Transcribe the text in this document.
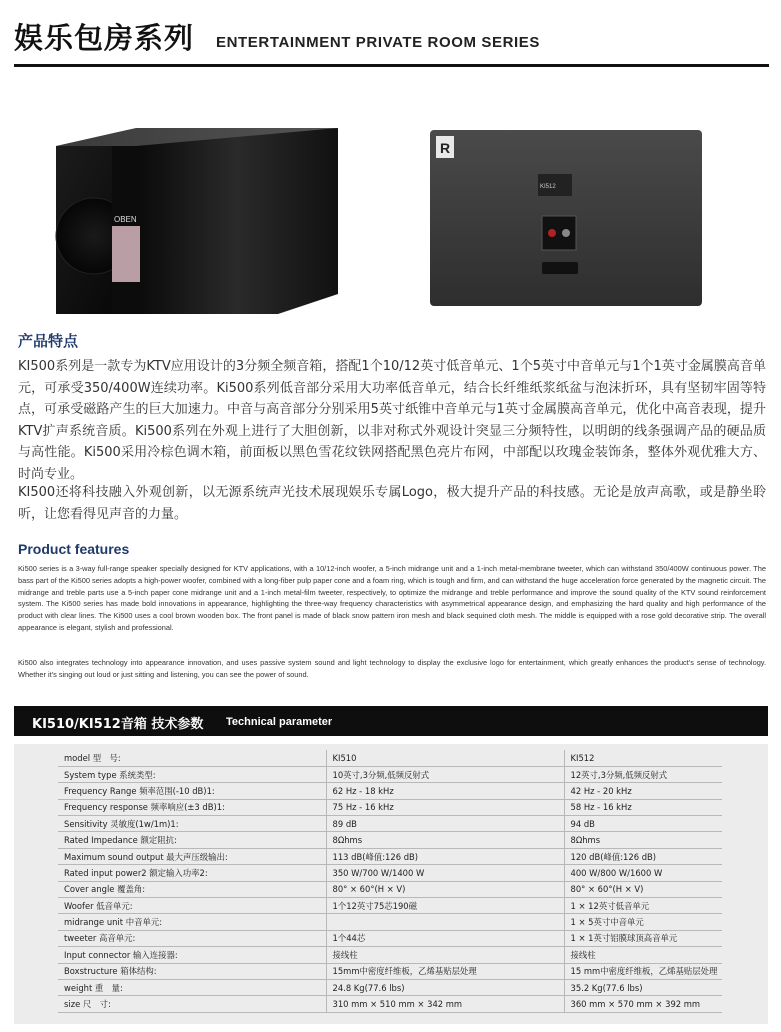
娱乐包房系列 ENTERTAINMENT PRIVATE ROOM SERIES
OBEN
R
KI512
产品特点
KI500系列是一款专为KTV应用设计的3分频全频音箱，搭配1个10/12英寸低音单元、1个5英寸中音单元与1个1英寸金属膜高音单元，可承受350/400W连续功率。Ki500系列低音部分采用大功率低音单元，结合长纤维纸浆纸盆与泡沫折环，具有坚韧牢固等特点，可承受磁路产生的巨大加速力。中音与高音部分分别采用5英寸纸锥中音单元与1英寸金属膜高音单元，优化中高音表现，提升KTV扩声系统音质。Ki500系列在外观上进行了大胆创新，以非对称式外观设计突显三分频特性，以明朗的线条强调产品的硬品质与高性能。Ki500采用冷棕色调木箱，前面板以黑色雪花纹铁网搭配黑色亮片布网，中部配以玫瑰金装饰条，整体外观优雅大方、时尚专业。
KI500还将科技融入外观创新，以无源系统声光技术展现娱乐专属Logo，极大提升产品的科技感。无论是放声高歌，或是静坐聆听，让您看得见声音的力量。
Product features
Ki500 series is a 3-way full-range speaker specially designed for KTV applications, with a 10/12-inch woofer, a 5-inch midrange unit and a 1-inch metal-membrane tweeter, which can withstand 350/400W continuous power. The bass part of the Ki500 series adopts a high-power woofer, combined with a long-fiber pulp paper cone and a foam ring, which is tough and firm, and can withstand the huge acceleration force generated by the magnetic circuit. The midrange and treble parts use a 5-inch paper cone midrange unit and a 1-inch metal-film tweeter, respectively, to optimize the midrange and treble performance and improve the sound quality of the KTV sound reinforcement system. The Ki500 series has made bold innovations in appearance, highlighting the three-way frequency characteristics with asymmetrical appearance design, and emphasizing the hard quality and high performance of the product with clear lines. The Ki500 uses a cool brown wooden box. The front panel is made of black snow pattern iron mesh and black sequined cloth mesh. The middle is equipped with a rose gold decorative strip. The overall appearance is elegant, stylish and professional.
Ki500 also integrates technology into appearance innovation, and uses passive system sound and light technology to display the exclusive logo for entertainment, which greatly enhances the product's sense of technology. Whether it's singing out loud or just sitting and listening, you can see the power of sound.
KI510/KI512音箱 技术参数 Technical parameter
model 型　号:	KI510	KI512
System type 系统类型:	10英寸,3分频,低频反射式	12英寸,3分频,低频反射式
Frequency Range 频率范围(-10 dB)1:	62 Hz - 18 kHz	42 Hz - 20 kHz
Frequency response 频率响应(±3 dB)1:	75 Hz - 16 kHz	58 Hz - 16 kHz
Sensitivity 灵敏度(1w/1m)1:	89 dB	94 dB
Rated Impedance 额定阻抗:	8Ωhms	8Ωhms
Maximum sound output 最大声压级输出:	113 dB(峰值:126 dB)	120 dB(峰值:126 dB)
Rated input power2 额定输入功率2:	350 W/700 W/1400 W	400 W/800 W/1600 W
Cover angle 覆盖角:	80° × 60°(H × V)	80° × 60°(H × V)
Woofer 低音单元:	1个12英寸75芯190磁	1 × 12英寸低音单元
midrange unit 中音单元:		1 × 5英寸中音单元
tweeter 高音单元:	1个44芯	1 × 1英寸铝膜球顶高音单元
Input connector 输入连接器:	接线柱	接线柱
Boxstructure 箱体结构:	15mm中密度纤维板，乙烯基贴层处理	15 mm中密度纤维板，乙烯基贴层处理
weight 重　量:	24.8 Kg(77.6 lbs)	35.2 Kg(77.6 lbs)
size 尺　寸:	310 mm × 510 mm × 342 mm	360 mm × 570 mm × 392 mm
